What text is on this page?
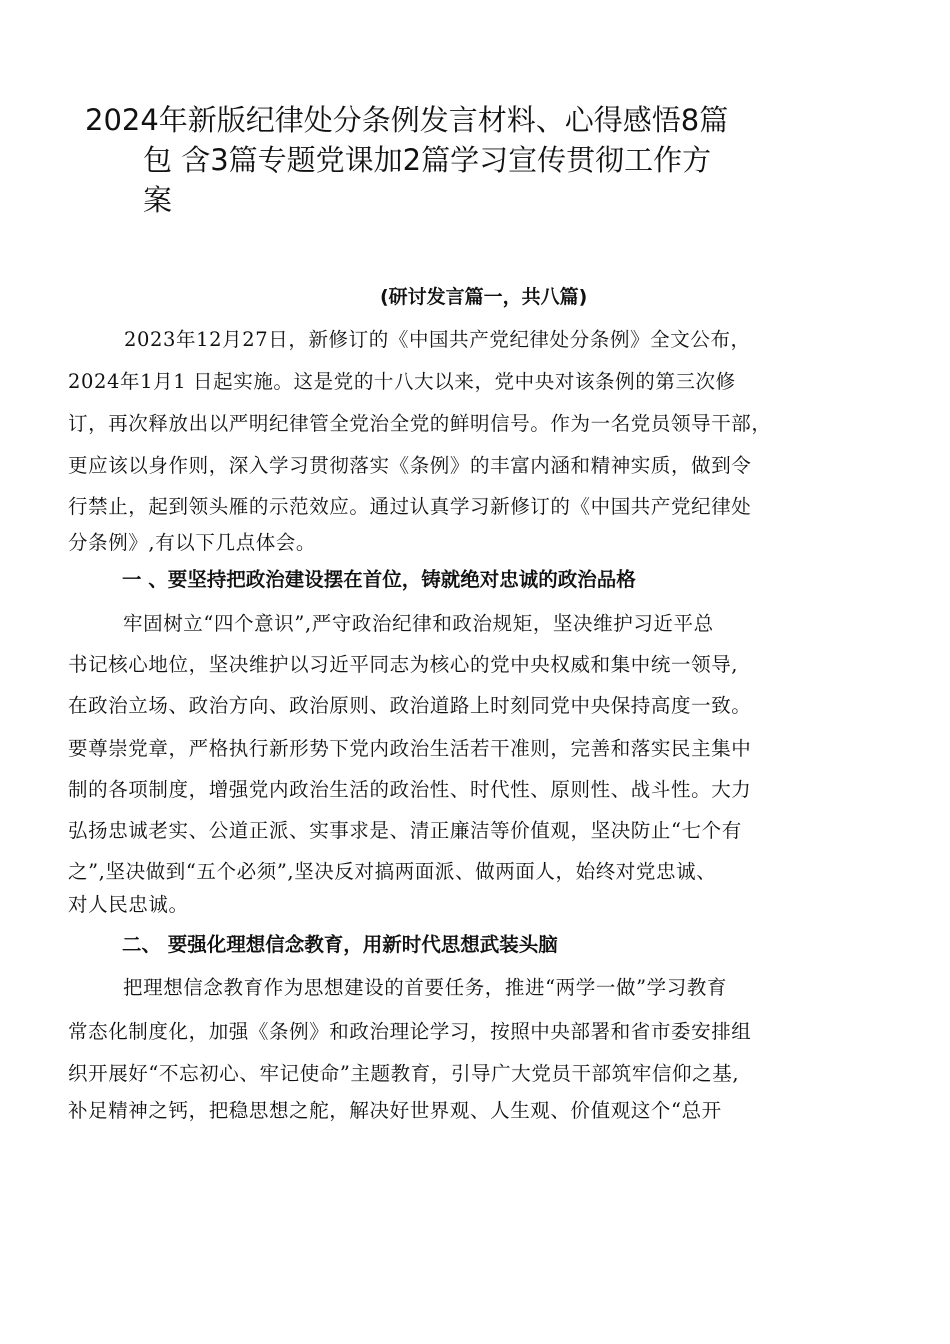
2024年新版纪律处分条例发言材料、心得感悟8篇
包 含3篇专题党课加2篇学习宣传贯彻工作方
案
(研讨发言篇一，共八篇)
2023年12月27日，新修订的《中国共产党纪律处分条例》全文公布，
2024年1月1 日起实施。这是党的十八大以来，党中央对该条例的第三次修
订，再次释放出以严明纪律管全党治全党的鲜明信号。作为一名党员领导干部，
更应该以身作则，深入学习贯彻落实《条例》的丰富内涵和精神实质，做到令
行禁止，起到领头雁的示范效应。通过认真学习新修订的《中国共产党纪律处
分条例》,有以下几点体会。
一 、要坚持把政治建设摆在首位，铸就绝对忠诚的政治品格
牢固树立“四个意识”,严守政治纪律和政治规矩，坚决维护习近平总
书记核心地位，坚决维护以习近平同志为核心的党中央权威和集中统一领导,
在政治立场、政治方向、政治原则、政治道路上时刻同党中央保持高度一致。
要尊崇党章，严格执行新形势下党内政治生活若干准则，完善和落实民主集中
制的各项制度，增强党内政治生活的政治性、时代性、原则性、战斗性。大力
弘扬忠诚老实、公道正派、实事求是、清正廉洁等价值观，坚决防止“七个有
之”,坚决做到“五个必须”,坚决反对搞两面派、做两面人，始终对党忠诚、
对人民忠诚。
二、 要强化理想信念教育，用新时代思想武装头脑
把理想信念教育作为思想建设的首要任务，推进“两学一做”学习教育
常态化制度化，加强《条例》和政治理论学习，按照中央部署和省市委安排组
织开展好“不忘初心、牢记使命”主题教育，引导广大党员干部筑牢信仰之基,
补足精神之钙，把稳思想之舵，解决好世界观、人生观、价值观这个“总开
